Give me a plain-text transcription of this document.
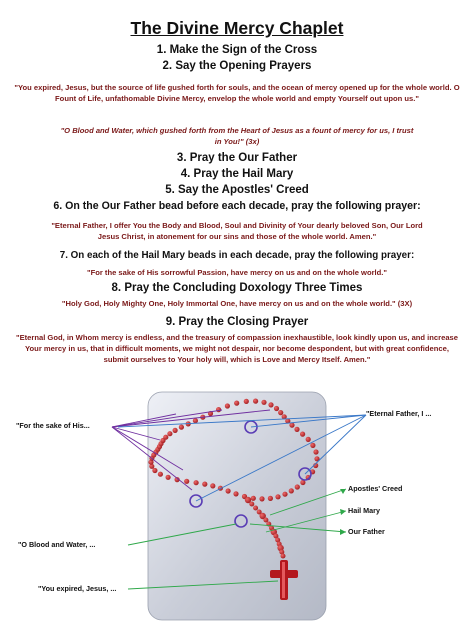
The Divine Mercy Chaplet
1. Make the Sign of the Cross
2. Say the Opening Prayers
"You expired, Jesus, but the source of life gushed forth for souls, and the ocean of mercy opened up for the whole world. O Fount of Life, unfathomable Divine Mercy, envelop the whole world and empty Yourself out upon us."
"O Blood and Water, which gushed forth from the Heart of Jesus as a fount of mercy for us, I trust in You!" (3x)
3. Pray the Our Father
4. Pray the Hail Mary
5. Say the Apostles' Creed
6. On the Our Father bead before each decade, pray the following prayer:
"Eternal Father, I offer You the Body and Blood, Soul and Divinity of Your dearly beloved Son, Our Lord Jesus Christ, in atonement for our sins and those of the whole world. Amen."
7. On each of the Hail Mary beads in each decade, pray the following prayer:
"For the sake of His sorrowful Passion, have mercy on us and on the whole world."
8. Pray the Concluding Doxology Three Times
"Holy God, Holy Mighty One, Holy Immortal One, have mercy on us and on the whole world." (3X)
9. Pray the Closing Prayer
"Eternal God, in Whom mercy is endless, and the treasury of compassion inexhaustible, look kindly upon us, and increase Your mercy in us, that in difficult moments, we might not despair, nor become despondent, but with great confidence, submit ourselves to Your holy will, which is Love and Mercy Itself. Amen."
"For the sake of His...
"Eternal Father, I ...
Apostles' Creed
Hail Mary
Our Father
"O Blood and Water, ...
"You expired, Jesus, ...
